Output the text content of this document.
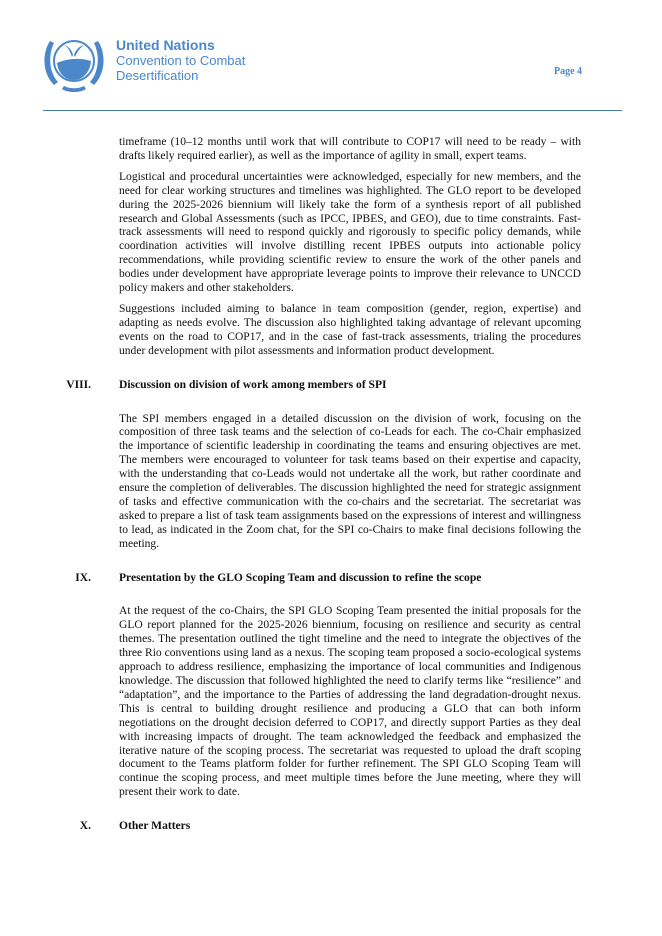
United Nations
Convention to Combat
Desertification	Page 4

timeframe (10–12 months until work that will contribute to COP17 will need to be ready – with drafts likely required earlier), as well as the importance of agility in small, expert teams.

Logistical and procedural uncertainties were acknowledged, especially for new members, and the need for clear working structures and timelines was highlighted. The GLO report to be developed during the 2025-2026 biennium will likely take the form of a synthesis report of all published research and Global Assessments (such as IPCC, IPBES, and GEO), due to time constraints. Fast-track assessments will need to respond quickly and rigorously to specific policy demands, while coordination activities will involve distilling recent IPBES outputs into actionable policy recommendations, while providing scientific review to ensure the work of the other panels and bodies under development have appropriate leverage points to improve their relevance to UNCCD policy makers and other stakeholders.

Suggestions included aiming to balance in team composition (gender, region, expertise) and adapting as needs evolve. The discussion also highlighted taking advantage of relevant upcoming events on the road to COP17, and in the case of fast-track assessments, trialing the procedures under development with pilot assessments and information product development.

VIII. Discussion on division of work among members of SPI

The SPI members engaged in a detailed discussion on the division of work, focusing on the composition of three task teams and the selection of co-Leads for each. The co-Chair emphasized the importance of scientific leadership in coordinating the teams and ensuring objectives are met. The members were encouraged to volunteer for task teams based on their expertise and capacity, with the understanding that co-Leads would not undertake all the work, but rather coordinate and ensure the completion of deliverables. The discussion highlighted the need for strategic assignment of tasks and effective communication with the co-chairs and the secretariat. The secretariat was asked to prepare a list of task team assignments based on the expressions of interest and willingness to lead, as indicated in the Zoom chat, for the SPI co-Chairs to make final decisions following the meeting.

IX. Presentation by the GLO Scoping Team and discussion to refine the scope

At the request of the co-Chairs, the SPI GLO Scoping Team presented the initial proposals for the GLO report planned for the 2025-2026 biennium, focusing on resilience and security as central themes. The presentation outlined the tight timeline and the need to integrate the objectives of the three Rio conventions using land as a nexus. The scoping team proposed a socio-ecological systems approach to address resilience, emphasizing the importance of local communities and Indigenous knowledge. The discussion that followed highlighted the need to clarify terms like “resilience” and “adaptation”, and the importance to the Parties of addressing the land degradation-drought nexus. This is central to building drought resilience and producing a GLO that can both inform negotiations on the drought decision deferred to COP17, and directly support Parties as they deal with increasing impacts of drought. The team acknowledged the feedback and emphasized the iterative nature of the scoping process. The secretariat was requested to upload the draft scoping document to the Teams platform folder for further refinement. The SPI GLO Scoping Team will continue the scoping process, and meet multiple times before the June meeting, where they will present their work to date.

X. Other Matters
